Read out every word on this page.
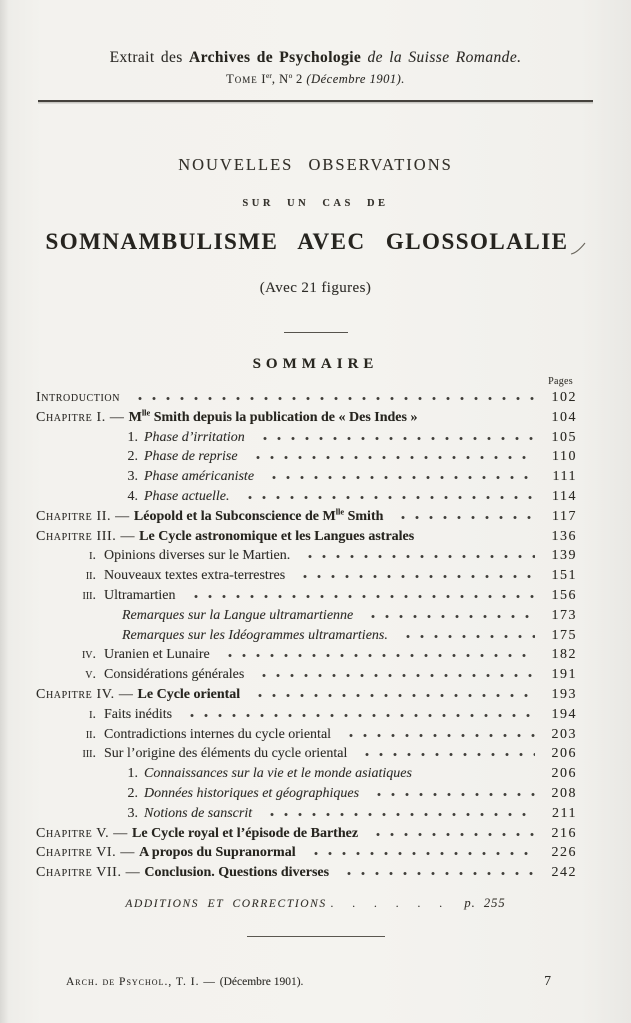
Extrait des Archives de Psychologie de la Suisse Romande.
Tome Ier, $N^o$ 2 (Décembre 1901).
NOUVELLES OBSERVATIONS
SUR UN CAS DE
SOMNAMBULISME AVEC GLOSSOLALIE
(Avec 21 figures)
SOMMAIRE
Pages
Introduction	102
Chapitre I. — $M^{lle}$ Smith depuis la publication de « Des Indes »	104
1. Phase d’irritation	105
2. Phase de reprise	110
3. Phase américaniste	111
4. Phase actuelle.	114
Chapitre II. — Léopold et la Subconscience de $M^{lle}$ Smith	117
Chapitre III. — Le Cycle astronomique et les Langues astrales	136
i. Opinions diverses sur le Martien.	139
ii. Nouveaux textes extra-terrestres	151
iii. Ultramartien	156
Remarques sur la Langue ultramartienne	173
Remarques sur les Idéogrammes ultramartiens.	175
iv. Uranien et Lunaire	182
v. Considérations générales	191
Chapitre IV. — Le Cycle oriental	193
i. Faits inédits	194
ii. Contradictions internes du cycle oriental	203
iii. Sur l’origine des éléments du cycle oriental	206
1. Connaissances sur la vie et le monde asiatiques	206
2. Données historiques et géographiques	208
3. Notions de sanscrit	211
Chapitre V. — Le Cycle royal et l’épisode de Barthez	216
Chapitre VI. — A propos du Supranormal	226
Chapitre VII. — Conclusion. Questions diverses	242
ADDITIONS ET CORRECTIONS . . . . . . p. 255
Arch. de Psychol., T. I. — (Décembre 1901).	7
